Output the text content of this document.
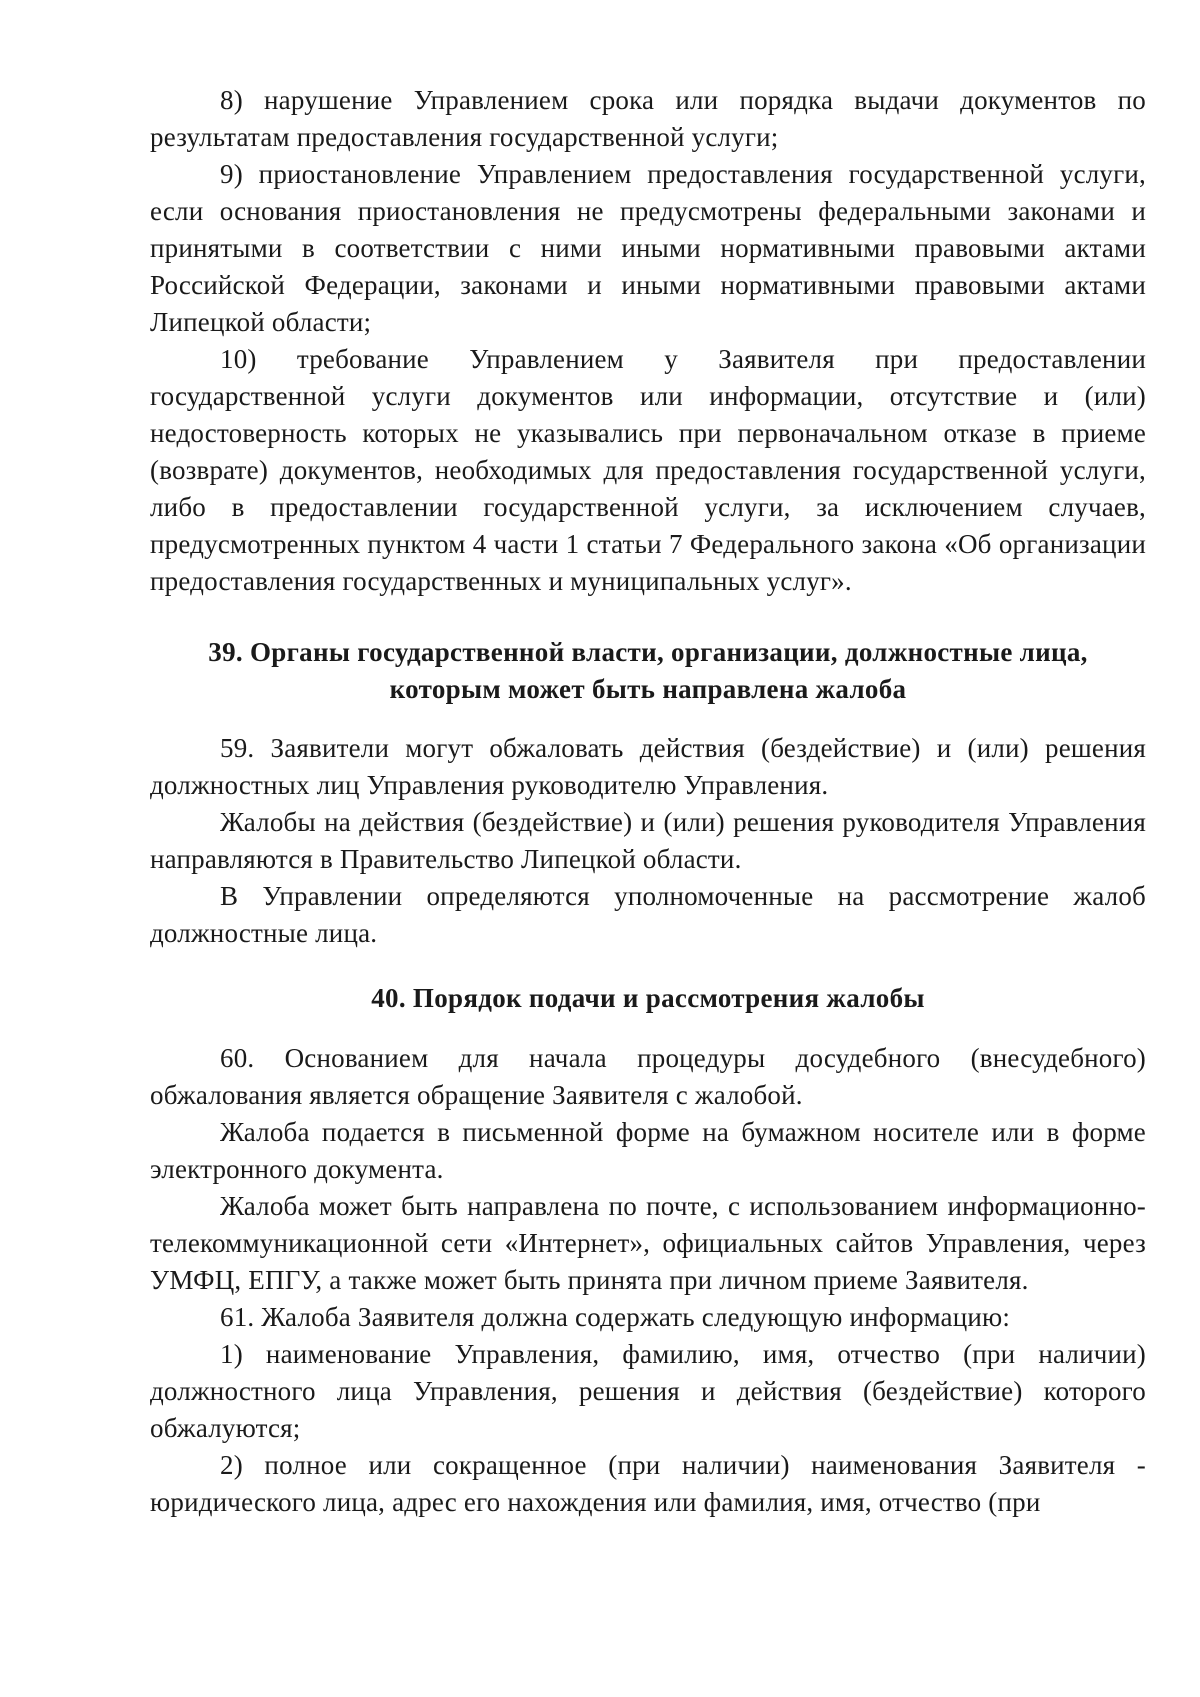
8) нарушение Управлением срока или порядка выдачи документов по результатам предоставления государственной услуги;

9) приостановление Управлением предоставления государственной услуги, если основания приостановления не предусмотрены федеральными законами и принятыми в соответствии с ними иными нормативными правовыми актами Российской Федерации, законами и иными нормативными правовыми актами Липецкой области;

10) требование Управлением у Заявителя при предоставлении государственной услуги документов или информации, отсутствие и (или) недостоверность которых не указывались при первоначальном отказе в приеме (возврате) документов, необходимых для предоставления государственной услуги, либо в предоставлении государственной услуги, за исключением случаев, предусмотренных пунктом 4 части 1 статьи 7 Федерального закона «Об организации предоставления государственных и муниципальных услуг».

39. Органы государственной власти, организации, должностные лица,

которым может быть направлена жалоба

59. Заявители могут обжаловать действия (бездействие) и (или) решения должностных лиц Управления руководителю Управления.

Жалобы на действия (бездействие) и (или) решения руководителя Управления направляются в Правительство Липецкой области.

В Управлении определяются уполномоченные на рассмотрение жалоб должностные лица.

40. Порядок подачи и рассмотрения жалобы

60. Основанием для начала процедуры досудебного (внесудебного) обжалования является обращение Заявителя с жалобой.

Жалоба подается в письменной форме на бумажном носителе или в форме электронного документа.

Жалоба может быть направлена по почте, с использованием информационно-телекоммуникационной сети «Интернет», официальных сайтов Управления, через УМФЦ, ЕПГУ, а также может быть принята при личном приеме Заявителя.

61. Жалоба Заявителя должна содержать следующую информацию:

1) наименование Управления, фамилию, имя, отчество (при наличии) должностного лица Управления, решения и действия (бездействие) которого обжалуются;

2) полное или сокращенное (при наличии) наименования Заявителя - юридического лица, адрес его нахождения или фамилия, имя, отчество (при
